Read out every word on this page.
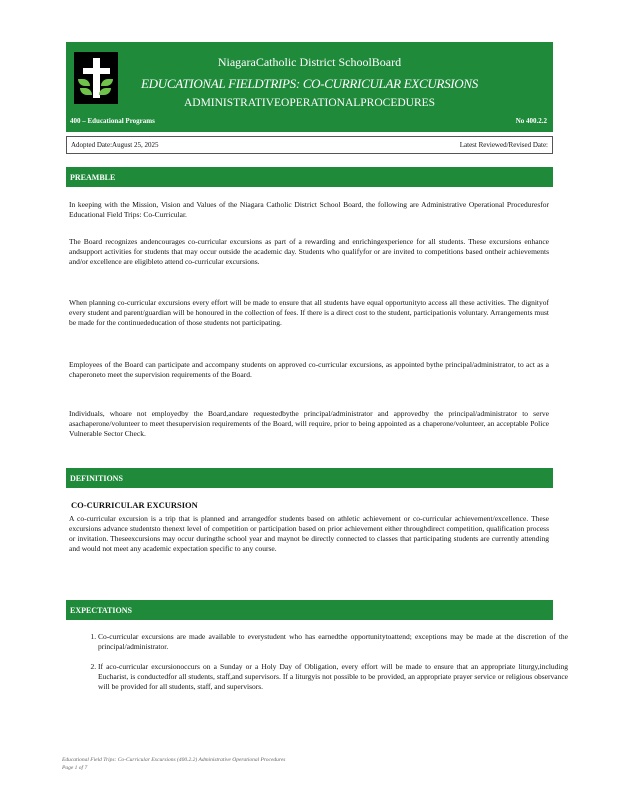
NiagaraCatholic District SchoolBoard
EDUCATIONAL FIELDTRIPS: CO-CURRICULAR EXCURSIONS
ADMINISTRATIVEOPERATIONALPROCEDURES
400 – Educational Programs	No 400.2.2
Adopted Date:August 25, 2025	Latest Reviewed/Revised Date:
PREAMBLE

In keeping with the Mission, Vision and Values of the Niagara Catholic District School Board, the following are Administrative Operational Proceduresfor Educational Field Trips: Co-Curricular.

The Board recognizes andencourages co-curricular excursions as part of a rewarding and enrichingexperience for all students. These excursions enhance andsupport activities for students that may occur outside the academic day. Students who qualifyfor or are invited to competitions based ontheir achievements and/or excellence are eligibleto attend co-curricular excursions.

When planning co-curricular excursions every effort will be made to ensure that all students have equal opportunityto access all these activities. The dignityof every student and parent/guardian will be honoured in the collection of fees. If there is a direct cost to the student, participationis voluntary. Arrangements must be made for the continuededucation of those students not participating.

Employees of the Board can participate and accompany students on approved co-curricular excursions, as appointed bythe principal/administrator, to act as a chaperoneto meet the supervision requirements of the Board.

Individuals, whoare not employedby the Board,andare requestedbythe principal/administrator and approvedby the principal/administrator to serve asachaperone/volunteer to meet thesupervision requirements of the Board, will require, prior to being appointed as a chaperone/volunteer, an acceptable Police Vulnerable Sector Check.

DEFINITIONS
CO-CURRICULAR EXCURSION

A co-curricular excursion is a trip that is planned and arrangedfor students based on athletic achievement or co-curricular achievement/excellence. These excursions advance studentsto thenext level of competition or participation based on prior achievement either throughdirect competition, qualification process or invitation. Theseexcursions may occur duringthe school year and maynot be directly connected to classes that participating students are currently attending and would not meet any academic expectation specific to any course.

EXPECTATIONS
1. Co-curricular excursions are made available to everystudent who has earnedthe opportunitytoattend; exceptions may be made at the discretion of the principal/administrator.
2. If aco-curricular excursionoccurs on a Sunday or a Holy Day of Obligation, every effort will be made to ensure that an appropriate liturgy,including Eucharist, is conductedfor all students, staff,and supervisors. If a liturgyis not possible to be provided, an appropriate prayer service or religious observance will be provided for all students, staff, and supervisors.
Educational Field Trips: Co-Curricular Excursions (400.2.2) Administrative Operational Procedures
Page 1 of 7
